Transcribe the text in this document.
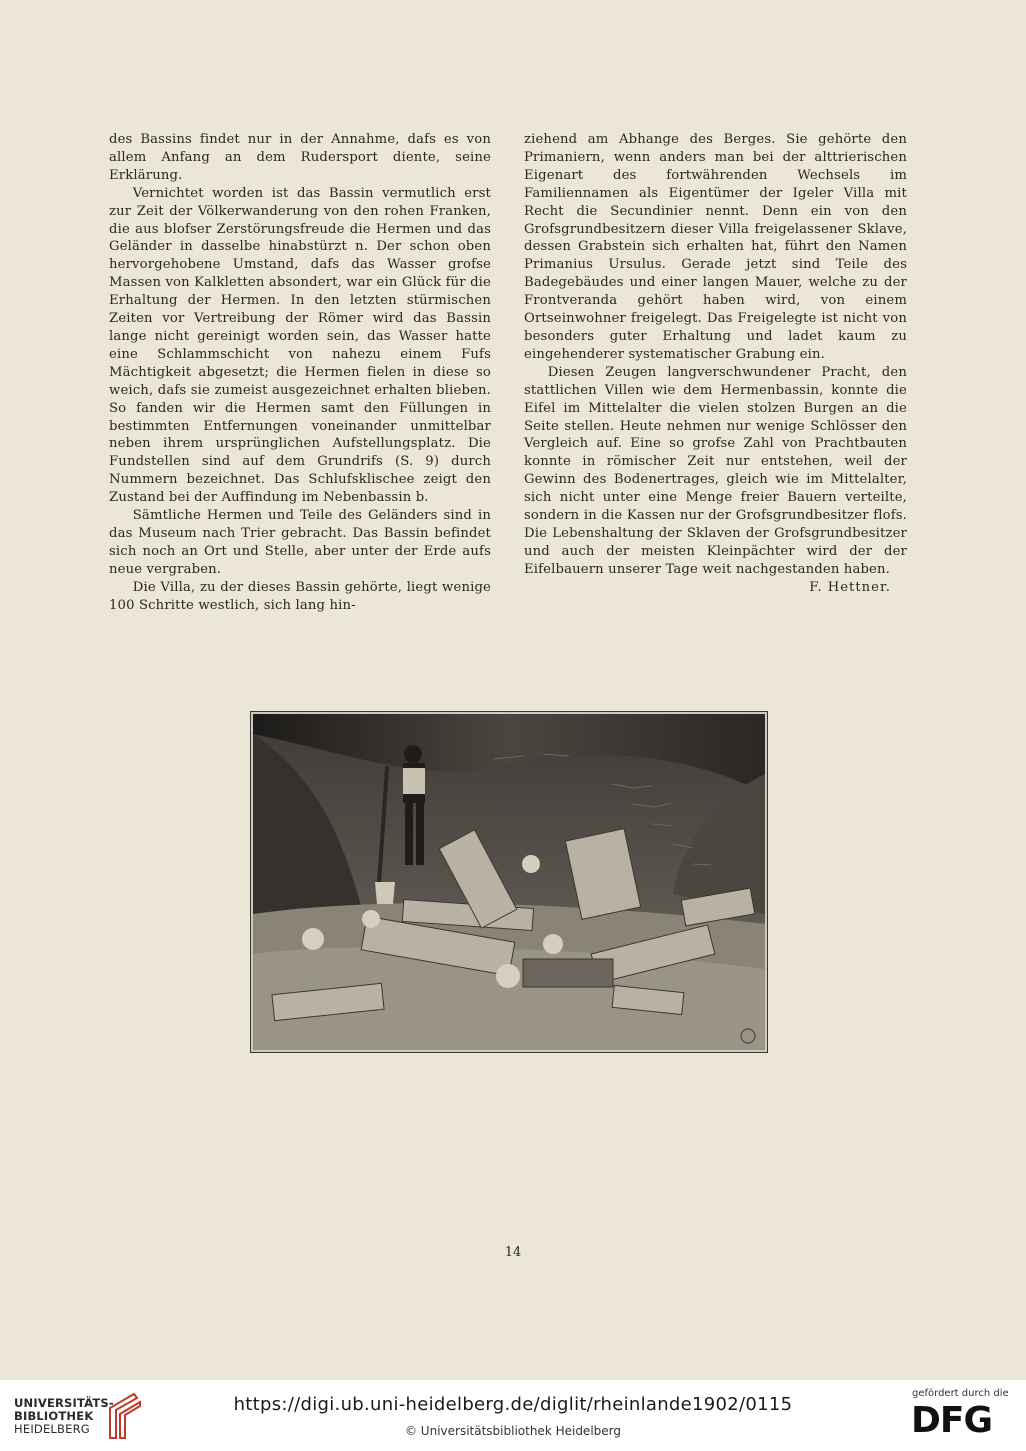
des Bassins findet nur in der Annahme, dafs es von allem Anfang an dem Rudersport diente, seine Erklärung.

Vernichtet worden ist das Bassin vermutlich erst zur Zeit der Völkerwanderung von den rohen Franken, die aus blofser Zerstörungsfreude die Hermen und das Geländer in dasselbe hinabstürzt n. Der schon oben hervorgehobene Umstand, dafs das Wasser grofse Massen von Kalkletten absondert, war ein Glück für die Erhaltung der Hermen. In den letzten stürmischen Zeiten vor Vertreibung der Römer wird das Bassin lange nicht gereinigt worden sein, das Wasser hatte eine Schlammschicht von nahezu einem Fufs Mächtigkeit abgesetzt; die Hermen fielen in diese so weich, dafs sie zumeist ausgezeichnet erhalten blieben. So fanden wir die Hermen samt den Füllungen in bestimmten Entfernungen voneinander unmittelbar neben ihrem ursprünglichen Aufstellungsplatz. Die Fundstellen sind auf dem Grundrifs (S. 9) durch Nummern bezeichnet. Das Schlufsklischee zeigt den Zustand bei der Auffindung im Nebenbassin b.

Sämtliche Hermen und Teile des Geländers sind in das Museum nach Trier gebracht. Das Bassin befindet sich noch an Ort und Stelle, aber unter der Erde aufs neue vergraben.

Die Villa, zu der dieses Bassin gehörte, liegt wenige 100 Schritte westlich, sich lang hin-

ziehend am Abhange des Berges. Sie gehörte den Primaniern, wenn anders man bei der alttrierischen Eigenart des fortwährenden Wechsels im Familiennamen als Eigentümer der Igeler Villa mit Recht die Secundinier nennt. Denn ein von den Grofsgrundbesitzern dieser Villa freigelassener Sklave, dessen Grabstein sich erhalten hat, führt den Namen Primanius Ursulus. Gerade jetzt sind Teile des Badegebäudes und einer langen Mauer, welche zu der Frontveranda gehört haben wird, von einem Ortseinwohner freigelegt. Das Freigelegte ist nicht von besonders guter Erhaltung und ladet kaum zu eingehenderer systematischer Grabung ein.

Diesen Zeugen langverschwundener Pracht, den stattlichen Villen wie dem Hermenbassin, konnte die Eifel im Mittelalter die vielen stolzen Burgen an die Seite stellen. Heute nehmen nur wenige Schlösser den Vergleich auf. Eine so grofse Zahl von Prachtbauten konnte in römischer Zeit nur entstehen, weil der Gewinn des Bodenertrages, gleich wie im Mittelalter, sich nicht unter eine Menge freier Bauern verteilte, sondern in die Kassen nur der Grofsgrundbesitzer flofs. Die Lebenshaltung der Sklaven der Grofsgrundbesitzer und auch der meisten Kleinpächter wird der der Eifelbauern unserer Tage weit nachgestanden haben.

F. Hettner.

14
UNIVERSITÄTS-
BIBLIOTHEK
HEIDELBERG
https://digi.ub.uni-heidelberg.de/diglit/rheinlande1902/0115
© Universitätsbibliothek Heidelberg
gefördert durch die
DFG
